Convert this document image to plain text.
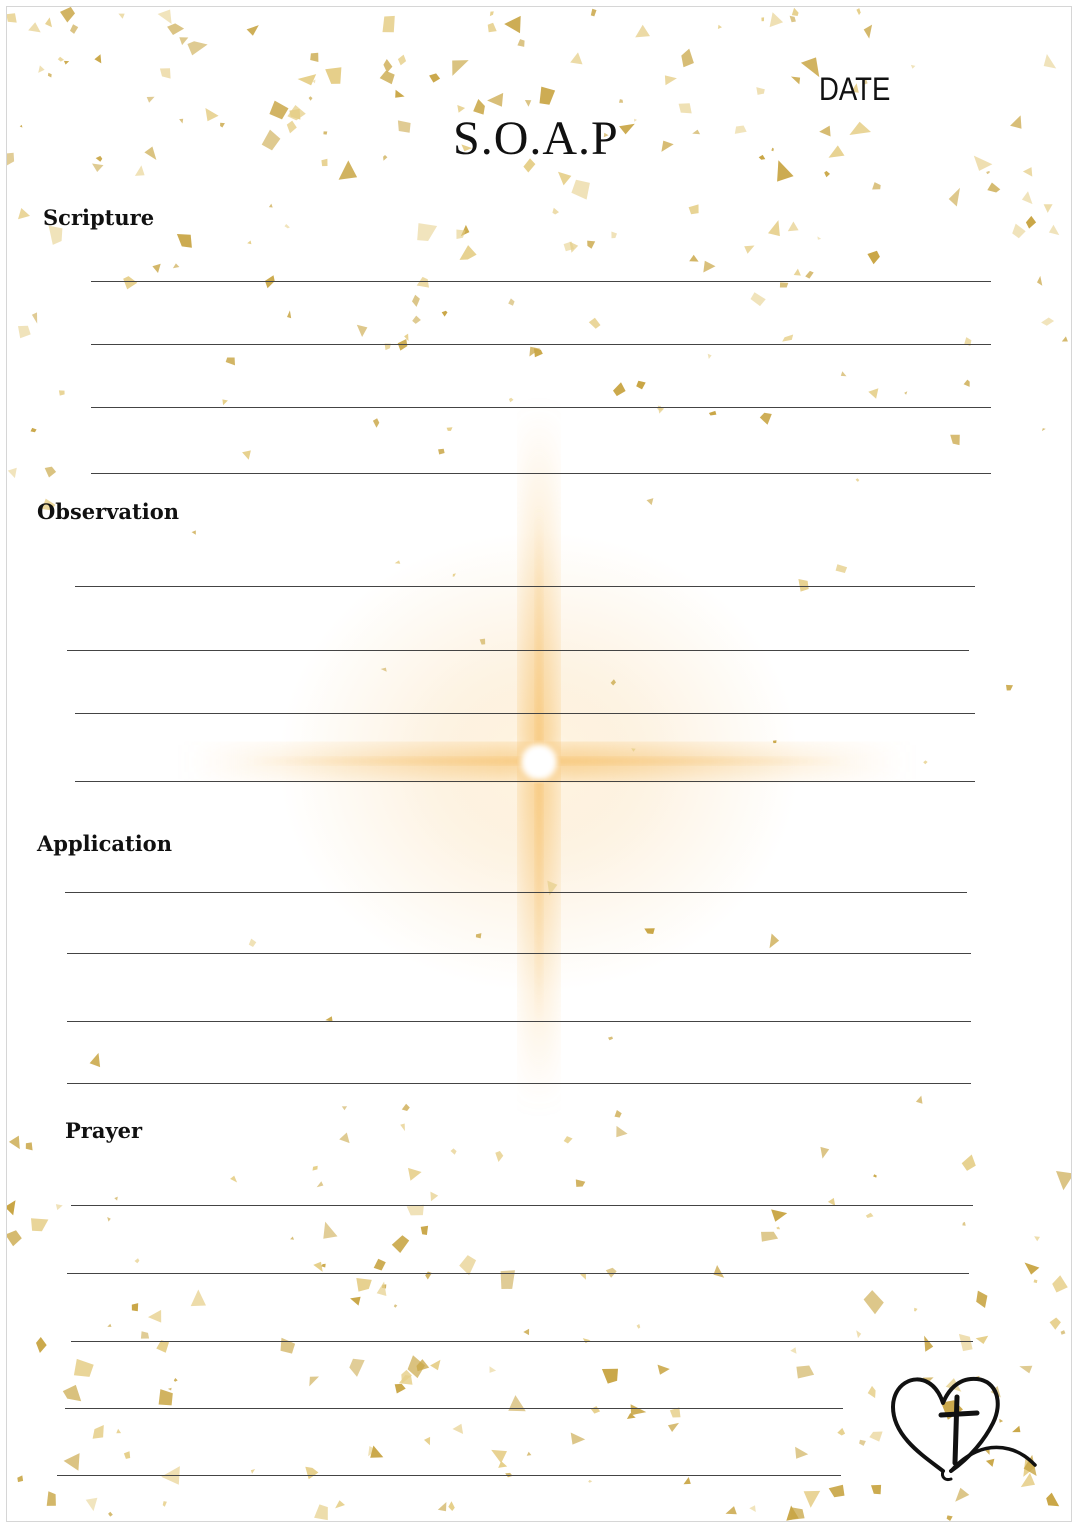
DATE
S.O.A.P
Scripture
Observation
Application
Prayer
